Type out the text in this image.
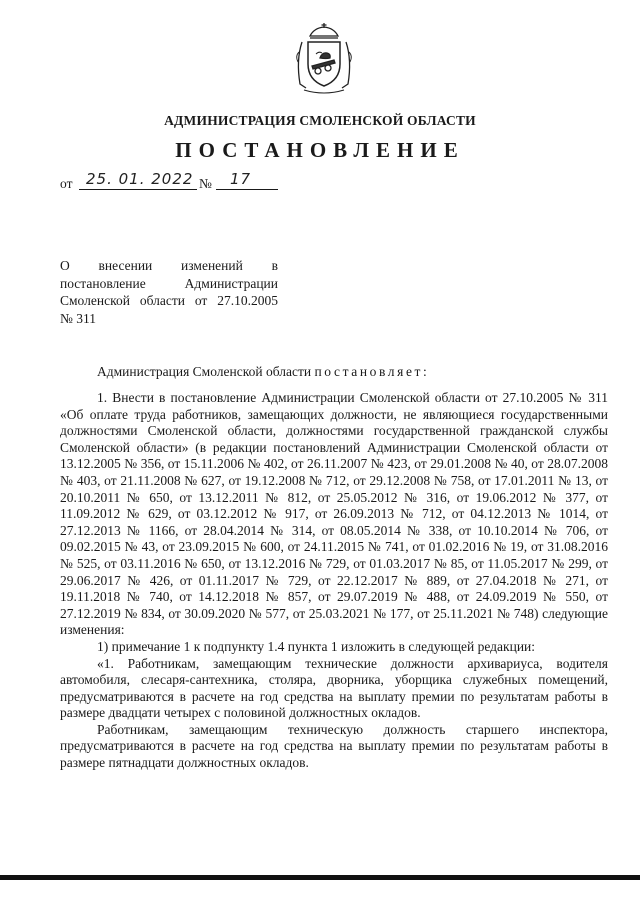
АДМИНИСТРАЦИЯ СМОЛЕНСКОЙ ОБЛАСТИ
ПОСТАНОВЛЕНИЕ
от 25. 01. 2022 № 17
О внесении изменений в
постановление Администрации
Смоленской области от 27.10.2005
№ 311
Администрация Смоленской области постановляет:

1. Внести в постановление Администрации Смоленской области от 27.10.2005 № 311 «Об оплате труда работников, замещающих должности, не являющиеся государственными должностями Смоленской области, должностями государственной гражданской службы Смоленской области» (в редакции постановлений Администрации Смоленской области от 13.12.2005 № 356, от 15.11.2006 № 402, от 26.11.2007 № 423, от 29.01.2008 № 40, от 28.07.2008 № 403, от 21.11.2008 № 627, от 19.12.2008 № 712, от 29.12.2008 № 758, от 17.01.2011 № 13, от 20.10.2011 № 650, от 13.12.2011 № 812, от 25.05.2012 № 316, от 19.06.2012 № 377, от 11.09.2012 № 629, от 03.12.2012 № 917, от 26.09.2013 № 712, от 04.12.2013 № 1014, от 27.12.2013 № 1166, от 28.04.2014 № 314, от 08.05.2014 № 338, от 10.10.2014 № 706, от 09.02.2015 № 43, от 23.09.2015 № 600, от 24.11.2015 № 741, от 01.02.2016 № 19, от 31.08.2016 № 525, от 03.11.2016 № 650, от 13.12.2016 № 729, от 01.03.2017 № 85, от 11.05.2017 № 299, от 29.06.2017 № 426, от 01.11.2017 № 729, от 22.12.2017 № 889, от 27.04.2018 № 271, от 19.11.2018 № 740, от 14.12.2018 № 857, от 29.07.2019 № 488, от 24.09.2019 № 550, от 27.12.2019 № 834, от 30.09.2020 № 577, от 25.03.2021 № 177, от 25.11.2021 № 748) следующие изменения:

1) примечание 1 к подпункту 1.4 пункта 1 изложить в следующей редакции:

«1. Работникам, замещающим технические должности архивариуса, водителя автомобиля, слесаря-сантехника, столяра, дворника, уборщика служебных помещений, предусматриваются в расчете на год средства на выплату премии по результатам работы в размере двадцати четырех с половиной должностных окладов.

Работникам, замещающим техническую должность старшего инспектора, предусматриваются в расчете на год средства на выплату премии по результатам работы в размере пятнадцати должностных окладов.
